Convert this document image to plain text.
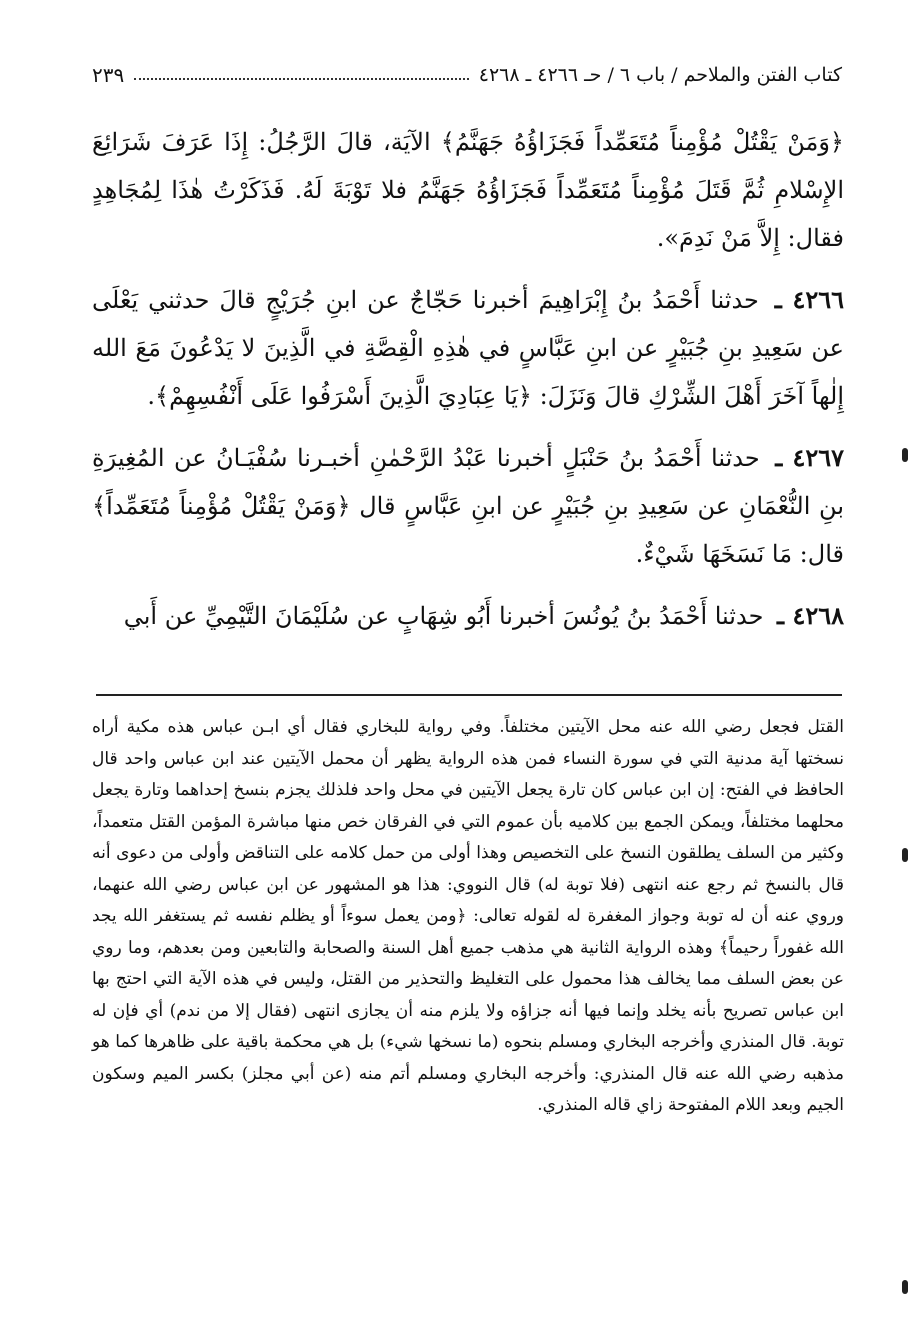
كتاب الفتن والملاحم / باب ٦ / حـ ٤٢٦٦ ـ ٤٢٦٨
٢٣٩

﴿وَمَنْ يَقْتُلْ مُؤْمِناً مُتَعَمِّداً فَجَزَاؤُهُ جَهَنَّمُ﴾ الآيَة، قالَ الرَّجُلُ: إِذَا عَرَفَ شَرَائِعَ الإِسْلامِ ثُمَّ قَتَلَ مُؤْمِناً مُتَعَمِّداً فَجَزَاؤُهُ جَهَنَّمُ فلا تَوْبَةَ لَهُ. فَذَكَرْتُ هٰذَا لِمُجَاهِدٍ فقال: إِلاَّ مَنْ نَدِمَ».

٤٢٦٦ ـ حدثنا أَحْمَدُ بنُ إِبْرَاهِيمَ أخبرنا حَجّاجٌ عن ابنِ جُرَيْجٍ قالَ حدثني يَعْلَى عن سَعِيدِ بنِ جُبَيْرٍ عن ابنِ عَبَّاسٍ في هٰذِهِ الْقِصَّةِ في الَّذِينَ لا يَدْعُونَ مَعَ الله إِلٰهاً آخَرَ أَهْلَ الشِّرْكِ قالَ وَنَزَلَ: ﴿يَا عِبَادِيَ الَّذِينَ أَسْرَفُوا عَلَى أَنْفُسِهِمْ﴾.

٤٢٦٧ ـ حدثنا أَحْمَدُ بنُ حَنْبَلٍ أخبرنا عَبْدُ الرَّحْمٰنِ أخبـرنا سُفْيَـانُ عن المُغِيرَةِ بنِ النُّعْمَانِ عن سَعِيدِ بنِ جُبَيْرٍ عن ابنِ عَبَّاسٍ قال ﴿وَمَنْ يَقْتُلْ مُؤْمِناً مُتَعَمِّداً﴾ قال: مَا نَسَخَهَا شَيْءٌ.

٤٢٦٨ ـ حدثنا أَحْمَدُ بنُ يُونُسَ أخبرنا أَبُو شِهَابٍ عن سُلَيْمَانَ التَّيْمِيِّ عن أَبي

القتل فجعل رضي الله عنه محل الآيتين مختلفاً. وفي رواية للبخاري فقال أي ابـن عباس هذه مكية أراه نسختها آية مدنية التي في سورة النساء فمن هذه الرواية يظهر أن محمل الآيتين عند ابن عباس واحد قال الحافظ في الفتح: إن ابن عباس كان تارة يجعل الآيتين في محل واحد فلذلك يجزم بنسخ إحداهما وتارة يجعل محلهما مختلفاً، ويمكن الجمع بين كلاميه بأن عموم التي في الفرقان خص منها مباشرة المؤمن القتل متعمداً، وكثير من السلف يطلقون النسخ على التخصيص وهذا أولى من حمل كلامه على التناقض وأولى من دعوى أنه قال بالنسخ ثم رجع عنه انتهى (فلا توبة له) قال النووي: هذا هو المشهور عن ابن عباس رضي الله عنهما، وروي عنه أن له توبة وجواز المغفرة له لقوله تعالى: ﴿ومن يعمل سوءاً أو يظلم نفسه ثم يستغفر الله يجد الله غفوراً رحيماً﴾ وهذه الرواية الثانية هي مذهب جميع أهل السنة والصحابة والتابعين ومن بعدهم، وما روي عن بعض السلف مما يخالف هذا محمول على التغليظ والتحذير من القتل، وليس في هذه الآية التي احتج بها ابن عباس تصريح بأنه يخلد وإنما فيها أنه جزاؤه ولا يلزم منه أن يجازى انتهى (فقال إلا من ندم) أي فإن له توبة. قال المنذري وأخرجه البخاري ومسلم بنحوه (ما نسخها شيء) بل هي محكمة باقية على ظاهرها كما هو مذهبه رضي الله عنه قال المنذري: وأخرجه البخاري ومسلم أتم منه (عن أبي مجلز) بكسر الميم وسكون الجيم وبعد اللام المفتوحة زاي قاله المنذري.
